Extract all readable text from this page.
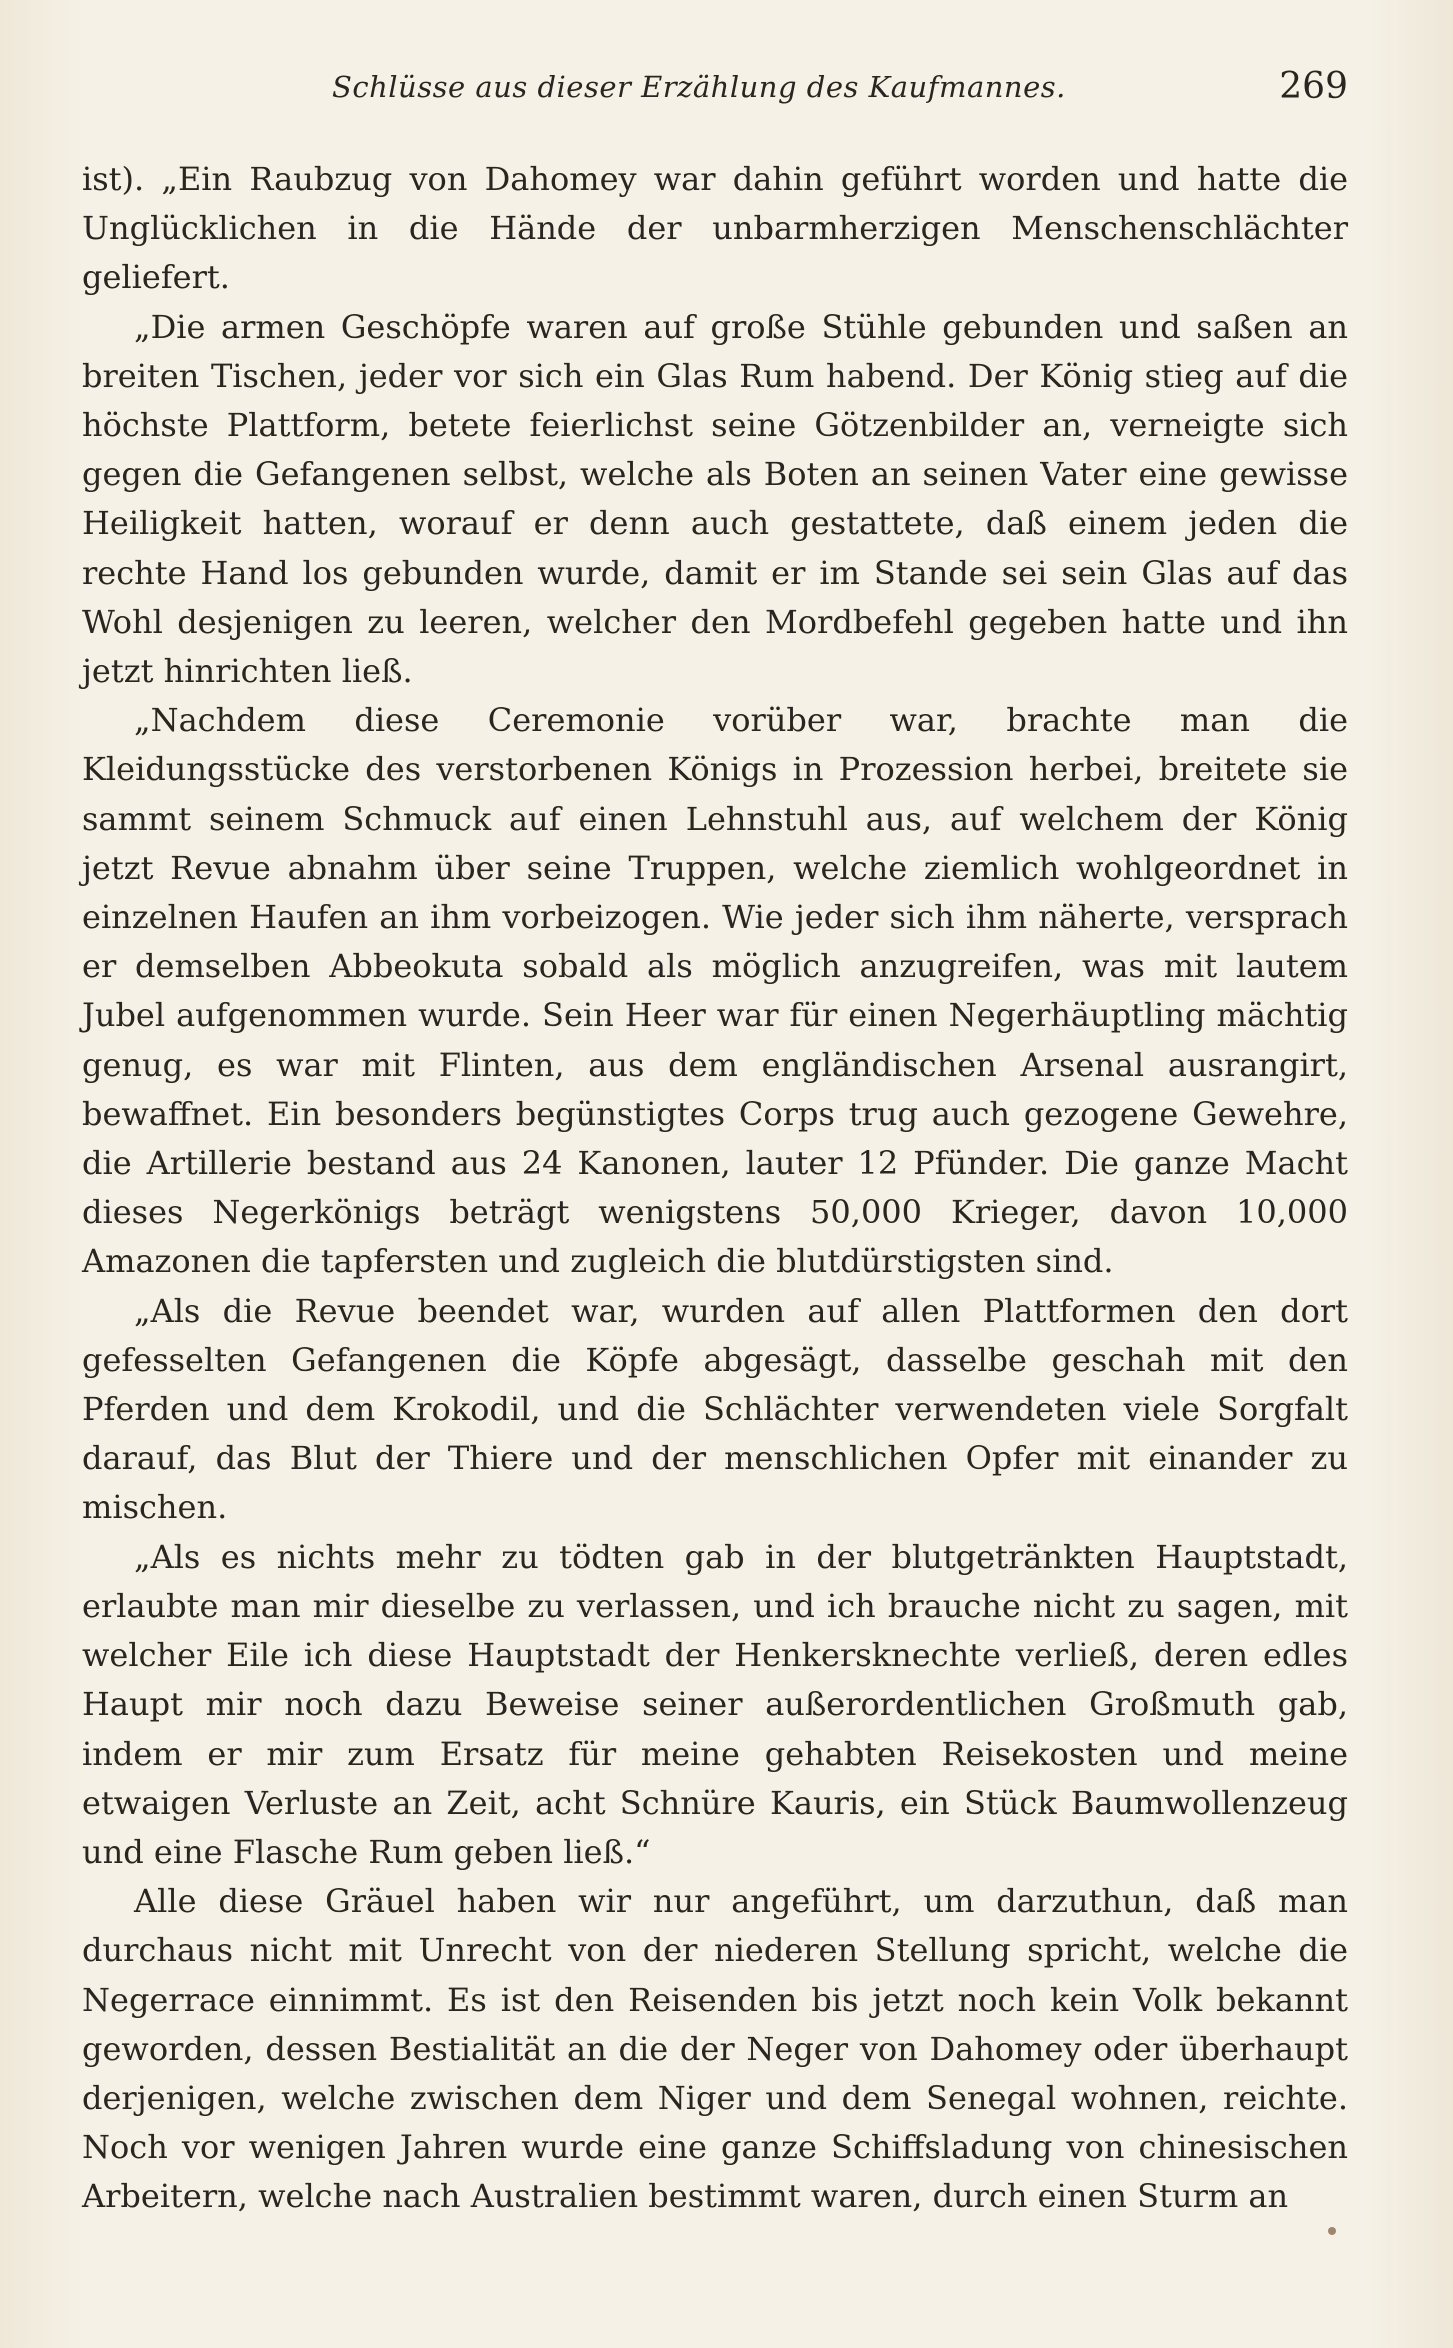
Schlüsse aus dieser Erzählung des Kaufmannes.	269

ist). „Ein Raubzug von Dahomey war dahin geführt worden und hatte die Unglücklichen in die Hände der unbarmherzigen Menschenschlächter geliefert.

„Die armen Geschöpfe waren auf große Stühle gebunden und saßen an breiten Tischen, jeder vor sich ein Glas Rum habend. Der König stieg auf die höchste Plattform, betete feierlichst seine Götzenbilder an, verneigte sich gegen die Gefangenen selbst, welche als Boten an seinen Vater eine gewisse Heiligkeit hatten, worauf er denn auch gestattete, daß einem jeden die rechte Hand los gebunden wurde, damit er im Stande sei sein Glas auf das Wohl desjenigen zu leeren, welcher den Mordbefehl gegeben hatte und ihn jetzt hinrichten ließ.

„Nachdem diese Ceremonie vorüber war, brachte man die Kleidungsstücke des verstorbenen Königs in Prozession herbei, breitete sie sammt seinem Schmuck auf einen Lehnstuhl aus, auf welchem der König jetzt Revue abnahm über seine Truppen, welche ziemlich wohlgeordnet in einzelnen Haufen an ihm vorbeizogen. Wie jeder sich ihm näherte, versprach er demselben Abbeokuta sobald als möglich anzugreifen, was mit lautem Jubel aufgenommen wurde. Sein Heer war für einen Negerhäuptling mächtig genug, es war mit Flinten, aus dem engländischen Arsenal ausrangirt, bewaffnet. Ein besonders begünstigtes Corps trug auch gezogene Gewehre, die Artillerie bestand aus 24 Kanonen, lauter 12 Pfünder. Die ganze Macht dieses Negerkönigs beträgt wenigstens 50,000 Krieger, davon 10,000 Amazonen die tapfersten und zugleich die blutdürstigsten sind.

„Als die Revue beendet war, wurden auf allen Plattformen den dort gefesselten Gefangenen die Köpfe abgesägt, dasselbe geschah mit den Pferden und dem Krokodil, und die Schlächter verwendeten viele Sorgfalt darauf, das Blut der Thiere und der menschlichen Opfer mit einander zu mischen.

„Als es nichts mehr zu tödten gab in der blutgetränkten Hauptstadt, erlaubte man mir dieselbe zu verlassen, und ich brauche nicht zu sagen, mit welcher Eile ich diese Hauptstadt der Henkersknechte verließ, deren edles Haupt mir noch dazu Beweise seiner außerordentlichen Großmuth gab, indem er mir zum Ersatz für meine gehabten Reisekosten und meine etwaigen Verluste an Zeit, acht Schnüre Kauris, ein Stück Baumwollenzeug und eine Flasche Rum geben ließ.“

Alle diese Gräuel haben wir nur angeführt, um darzuthun, daß man durchaus nicht mit Unrecht von der niederen Stellung spricht, welche die Negerrace einnimmt. Es ist den Reisenden bis jetzt noch kein Volk bekannt geworden, dessen Bestialität an die der Neger von Dahomey oder überhaupt derjenigen, welche zwischen dem Niger und dem Senegal wohnen, reichte. Noch vor wenigen Jahren wurde eine ganze Schiffsladung von chinesischen Arbeitern, welche nach Australien bestimmt waren, durch einen Sturm an
